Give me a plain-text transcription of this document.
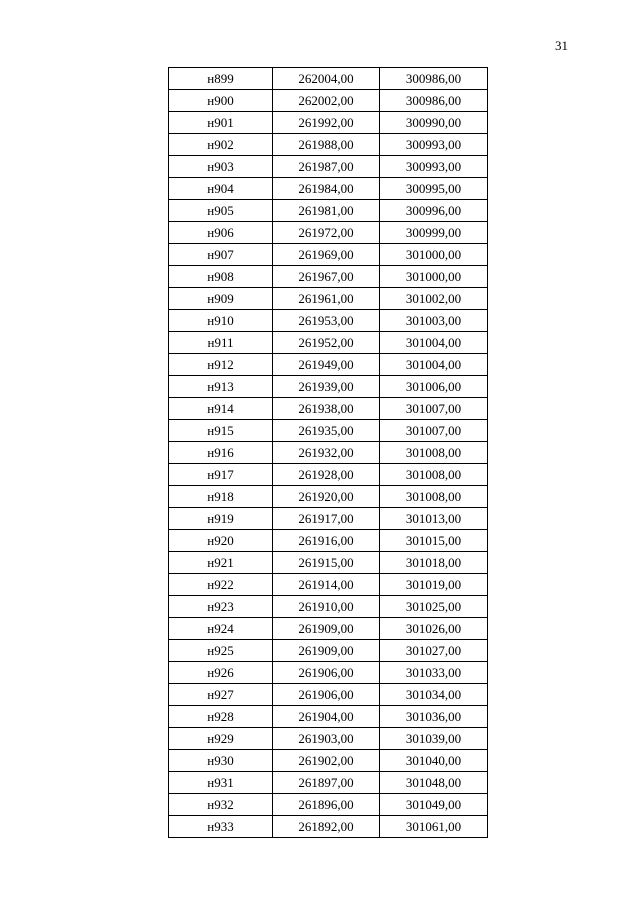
31
н899	262004,00	300986,00
н900	262002,00	300986,00
н901	261992,00	300990,00
н902	261988,00	300993,00
н903	261987,00	300993,00
н904	261984,00	300995,00
н905	261981,00	300996,00
н906	261972,00	300999,00
н907	261969,00	301000,00
н908	261967,00	301000,00
н909	261961,00	301002,00
н910	261953,00	301003,00
н911	261952,00	301004,00
н912	261949,00	301004,00
н913	261939,00	301006,00
н914	261938,00	301007,00
н915	261935,00	301007,00
н916	261932,00	301008,00
н917	261928,00	301008,00
н918	261920,00	301008,00
н919	261917,00	301013,00
н920	261916,00	301015,00
н921	261915,00	301018,00
н922	261914,00	301019,00
н923	261910,00	301025,00
н924	261909,00	301026,00
н925	261909,00	301027,00
н926	261906,00	301033,00
н927	261906,00	301034,00
н928	261904,00	301036,00
н929	261903,00	301039,00
н930	261902,00	301040,00
н931	261897,00	301048,00
н932	261896,00	301049,00
н933	261892,00	301061,00
